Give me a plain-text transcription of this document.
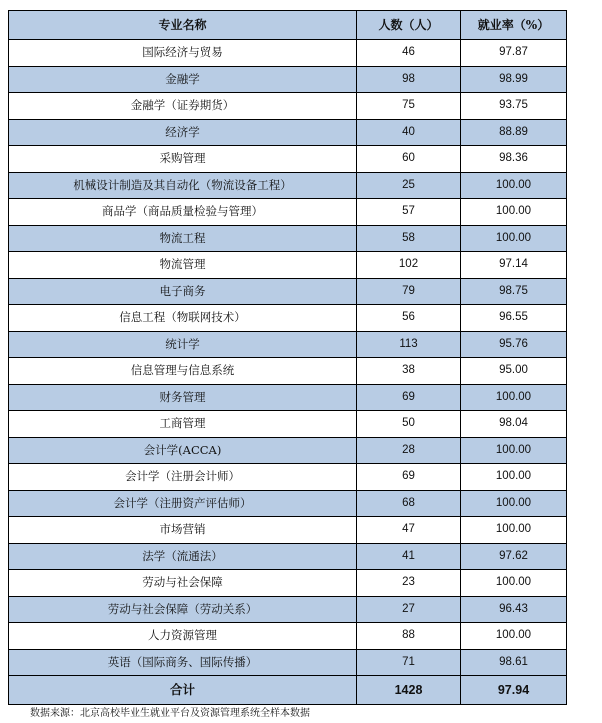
专业名称	人数（人）	就业率（%）
国际经济与贸易	46	97.87
金融学	98	98.99
金融学（证券期货）	75	93.75
经济学	40	88.89
采购管理	60	98.36
机械设计制造及其自动化（物流设备工程）	25	100.00
商品学（商品质量检验与管理）	57	100.00
物流工程	58	100.00
物流管理	102	97.14
电子商务	79	98.75
信息工程（物联网技术）	56	96.55
统计学	113	95.76
信息管理与信息系统	38	95.00
财务管理	69	100.00
工商管理	50	98.04
会计学(ACCA)	28	100.00
会计学（注册会计师）	69	100.00
会计学（注册资产评估师）	68	100.00
市场营销	47	100.00
法学（流通法）	41	97.62
劳动与社会保障	23	100.00
劳动与社会保障（劳动关系）	27	96.43
人力资源管理	88	100.00
英语（国际商务、国际传播）	71	98.61
合计	1428	97.94
数据来源：北京高校毕业生就业平台及资源管理系统全样本数据
